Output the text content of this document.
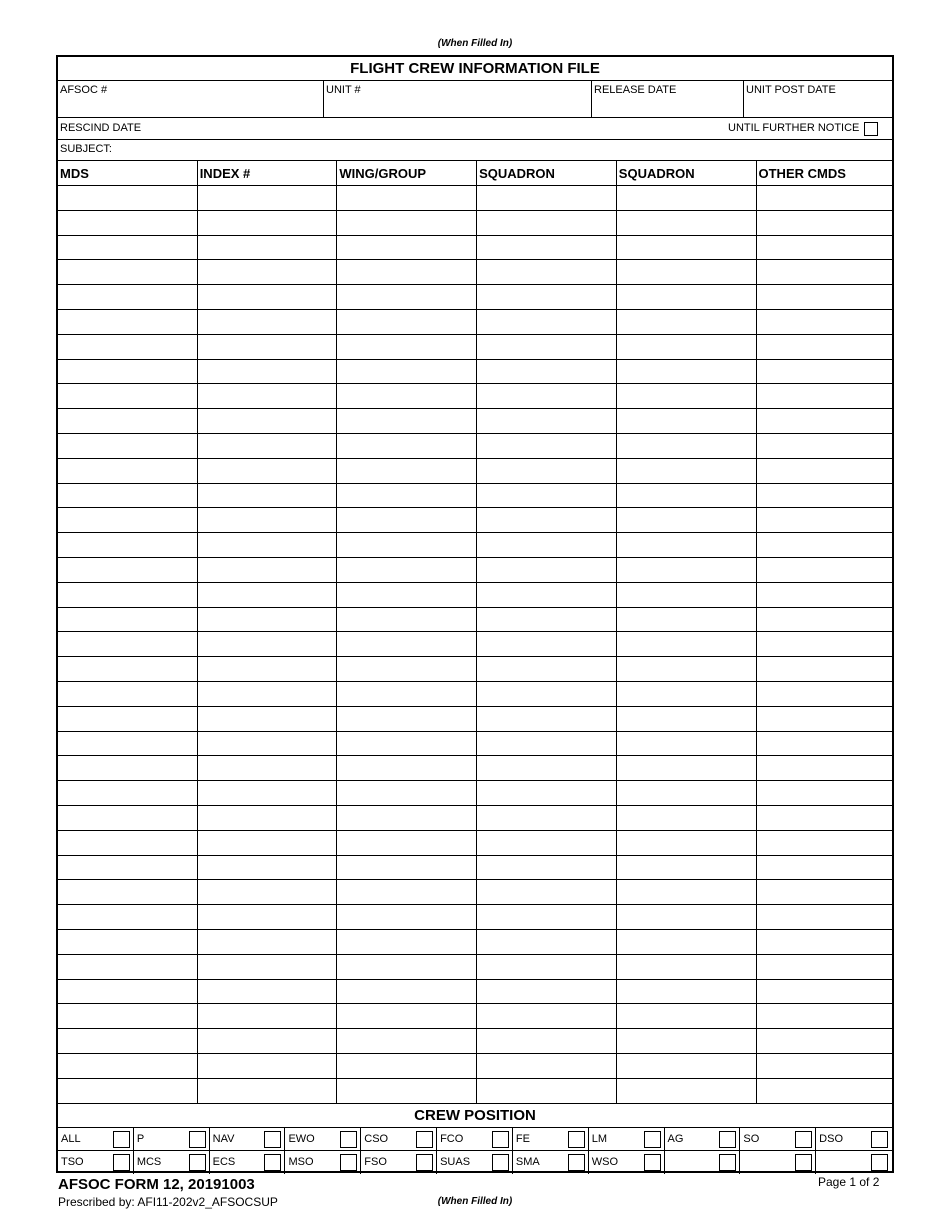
(When Filled In)
FLIGHT CREW INFORMATION FILE
AFSOC #	UNIT #	RELEASE DATE	UNIT POST DATE
RESCIND DATE	UNTIL FURTHER NOTICE
SUBJECT:
MDS	INDEX #	WING/GROUP	SQUADRON	SQUADRON	OTHER CMDS
CREW POSITION
ALL	P	NAV	EWO	CSO	FCO	FE	LM	AG	SO	DSO
TSO	MCS	ECS	MSO	FSO	SUAS	SMA	WSO
AFSOC FORM 12, 20191003
Prescribed by: AFI11-202v2_AFSOCSUP	(When Filled In)
Page 1 of 2
